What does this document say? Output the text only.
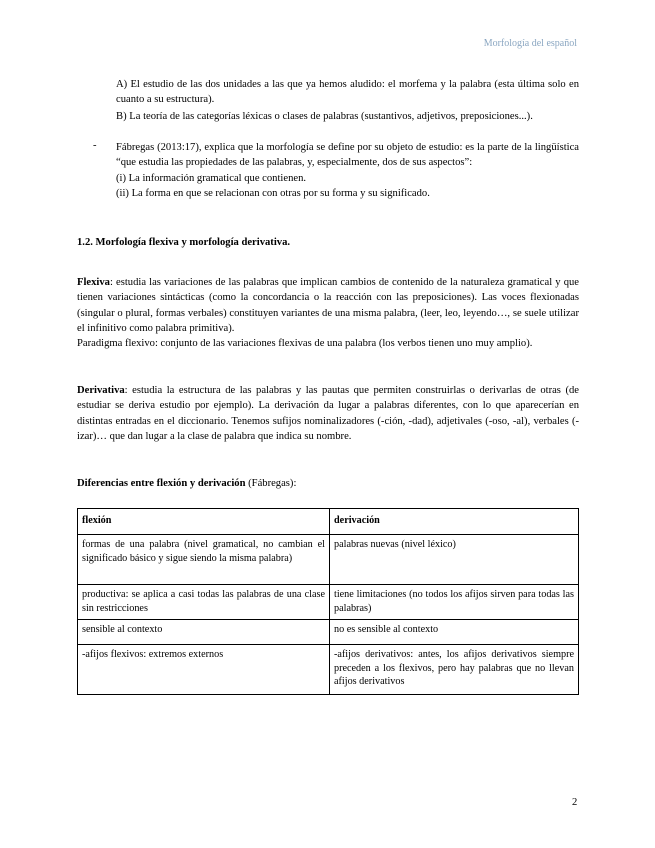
Morfología del español
A) El estudio de las dos unidades a las que ya hemos aludido: el morfema y la palabra (esta última solo en cuanto a su estructura).
B) La teoría de las categorías léxicas o clases de palabras (sustantivos, adjetivos, preposiciones...).
- Fábregas (2013:17), explica que la morfología se define por su objeto de estudio: es la parte de la lingüística “que estudia las propiedades de las palabras, y, especialmente, dos de sus aspectos”:
(i) La información gramatical que contienen.
(ii) La forma en que se relacionan con otras por su forma y su significado.
1.2. Morfología flexiva y morfología derivativa.
Flexiva: estudia las variaciones de las palabras que implican cambios de contenido de la naturaleza gramatical y que tienen variaciones sintácticas (como la concordancia o la reacción con las preposiciones). Las voces flexionadas (singular o plural, formas verbales) constituyen variantes de una misma palabra, (leer, leo, leyendo…, se suele utilizar el infinitivo como palabra primitiva).
Paradigma flexivo: conjunto de las variaciones flexivas de una palabra (los verbos tienen uno muy amplio).
Derivativa: estudia la estructura de las palabras y las pautas que permiten construirlas o derivarlas de otras (de estudiar se deriva estudio por ejemplo). La derivación da lugar a palabras diferentes, con lo que aparecerían en distintas entradas en el diccionario. Tenemos sufijos nominalizadores (-ción, -dad), adjetivales (-oso, -al), verbales (-izar)… que dan lugar a la clase de palabra que indica su nombre.
Diferencias entre flexión y derivación (Fábregas):
flexión	derivación
formas de una palabra (nivel gramatical, no cambian el significado básico y sigue siendo la misma palabra)	palabras nuevas (nivel léxico)
productiva: se aplica a casi todas las palabras de una clase sin restricciones	tiene limitaciones (no todos los afijos sirven para todas las palabras)
sensible al contexto	no es sensible al contexto
-afijos flexivos: extremos externos	-afijos derivativos: antes, los afijos derivativos siempre preceden a los flexivos, pero hay palabras que no llevan afijos derivativos
2
